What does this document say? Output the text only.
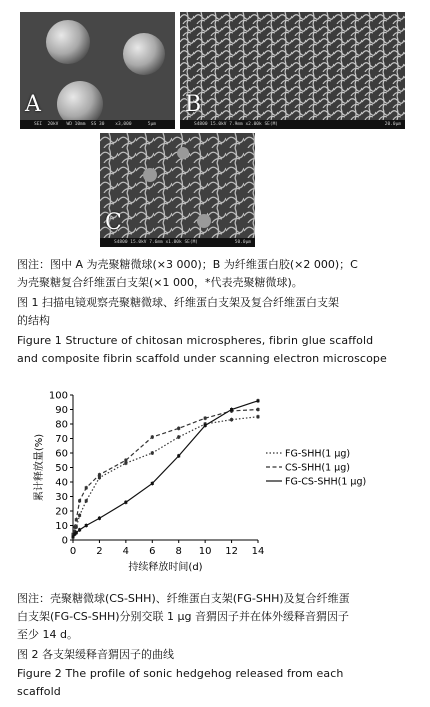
A
SEI  20kV   WD 10mm  SS 30    x3,000      5µm
B
S4800 15.0kV 7.9mm x2.00k SE(M)	20.0µm
C
S4800 15.0kV 7.6mm x1.00k SE(M)	50.0µm
图注：图中 A 为壳聚糖微球(×3 000)；B 为纤维蛋白胶(×2 000)；C
为壳聚糖复合纤维蛋白支架(×1 000，*代表壳聚糖微球)。
图 1 扫描电镜观察壳聚糖微球、纤维蛋白支架及复合纤维蛋白支架
的结构
Figure 1 Structure of chitosan microspheres, fibrin glue scaffold
and composite fibrin scaffold under scanning electron microscope
0
10
20
30
40
50
60
70
80
90
100
0 2 4 6 8 10 12 14
FG-SHH(1 μg)
CS-SHH(1 μg)
FG-CS-SHH(1 μg)
累计释放量(%)
持续释放时间(d)
图注：壳聚糖微球(CS-SHH)、纤维蛋白支架(FG-SHH)及复合纤维蛋
白支架(FG-CS-SHH)分别交联 1 μg 音猬因子并在体外缓释音猬因子
至少 14 d。
图 2 各支架缓释音猬因子的曲线
Figure 2 The profile of sonic hedgehog released from each
scaffold
